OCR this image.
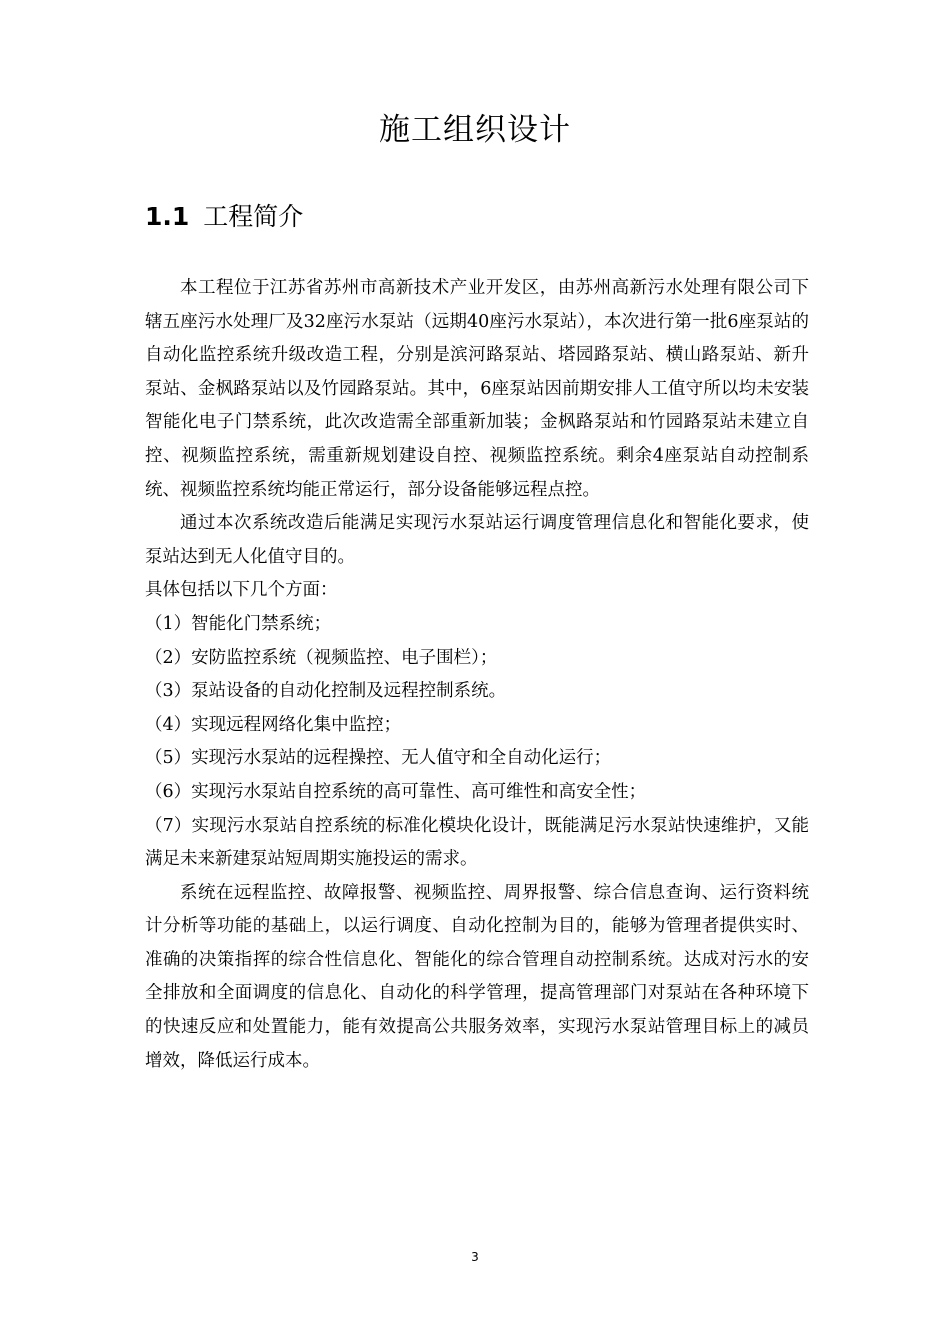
施工组织设计
1.1 工程简介

本工程位于江苏省苏州市高新技术产业开发区，由苏州高新污水处理有限公司下辖五座污水处理厂及32座污水泵站（远期40座污水泵站），本次进行第一批6座泵站的自动化监控系统升级改造工程，分别是滨河路泵站、塔园路泵站、横山路泵站、新升泵站、金枫路泵站以及竹园路泵站。其中，6座泵站因前期安排人工值守所以均未安装智能化电子门禁系统，此次改造需全部重新加装；金枫路泵站和竹园路泵站未建立自控、视频监控系统，需重新规划建设自控、视频监控系统。剩余4座泵站自动控制系统、视频监控系统均能正常运行，部分设备能够远程点控。

通过本次系统改造后能满足实现污水泵站运行调度管理信息化和智能化要求，使泵站达到无人化值守目的。

具体包括以下几个方面：

（1）智能化门禁系统；

（2）安防监控系统（视频监控、电子围栏）；

（3）泵站设备的自动化控制及远程控制系统。

（4）实现远程网络化集中监控；

（5）实现污水泵站的远程操控、无人值守和全自动化运行；

（6）实现污水泵站自控系统的高可靠性、高可维性和高安全性；

（7）实现污水泵站自控系统的标准化模块化设计，既能满足污水泵站快速维护，又能满足未来新建泵站短周期实施投运的需求。

系统在远程监控、故障报警、视频监控、周界报警、综合信息查询、运行资料统计分析等功能的基础上，以运行调度、自动化控制为目的，能够为管理者提供实时、准确的决策指挥的综合性信息化、智能化的综合管理自动控制系统。达成对污水的安全排放和全面调度的信息化、自动化的科学管理，提高管理部门对泵站在各种环境下的快速反应和处置能力，能有效提高公共服务效率，实现污水泵站管理目标上的减员增效，降低运行成本。

3
